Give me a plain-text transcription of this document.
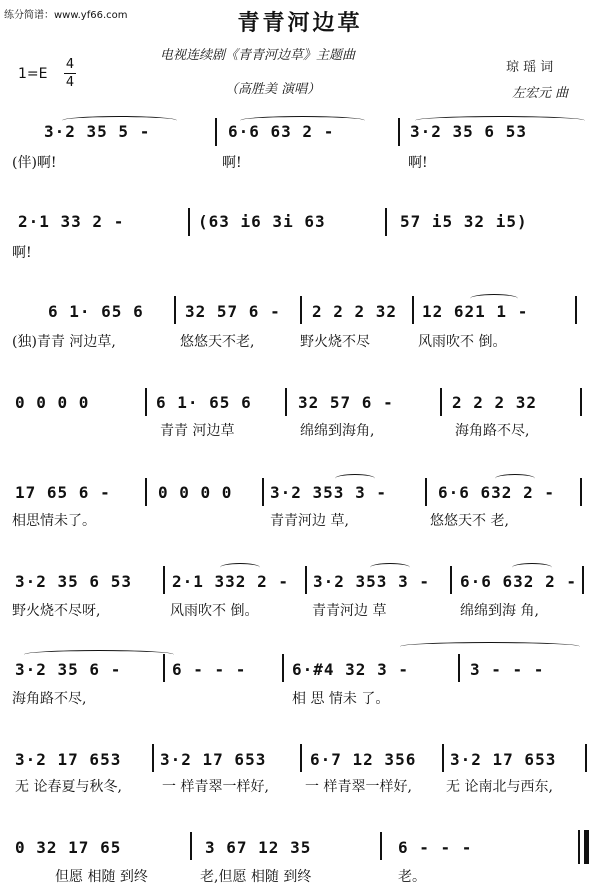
练分简谱：www.yf66.com	青青河边草
电视连续剧《青青河边草》主题曲
（高胜美 演唱）
琼 瑶 词
左宏元 曲
1=E
4
4
3·2 35 5 -	6·6 63 2 -	3·2 35 6 53
(伴)啊!	啊!	啊!
2·1 33 2 -	(63 i6 3i 63	57 i5 32 i5)
啊!
6 1· 65 6	32 57 6 - 2 2 2 32 12 621 1 -
(独)青青 河边草,	悠悠天不老,	野火烧不尽	风雨吹不 倒。
0 0 0 0	6 1· 65 6	32 57 6 -	2 2 2 32
青青 河边草	绵绵到海角,	海角路不尽,
17 65 6 -	0 0 0 0 3·2 353 3 -	6·6 632 2 -
相思情未了。	青青河边 草,	悠悠天不 老,
3·2 35 6 53	2·1 332 2 - 3·2 353 3 - 6·6 632 2 -
野火烧不尽呀,	风雨吹不 倒。	青青河边 草	绵绵到海 角,
3·2 35 6 -	6 - - -	6·#4 32 3 -	3 - - -
海角路不尽,	相 思 情未 了。
3·2 17 653 3·2 17 653	6·7 12 356 3·2 17 653
无 论春夏与秋冬,	一 样青翠一样好,	一 样青翠一样好, 无 论南北与西东,
0 32 17 65	3 67 12 35	6 - - -
但愿 相随 到终	老,但愿 相随 到终	老。
